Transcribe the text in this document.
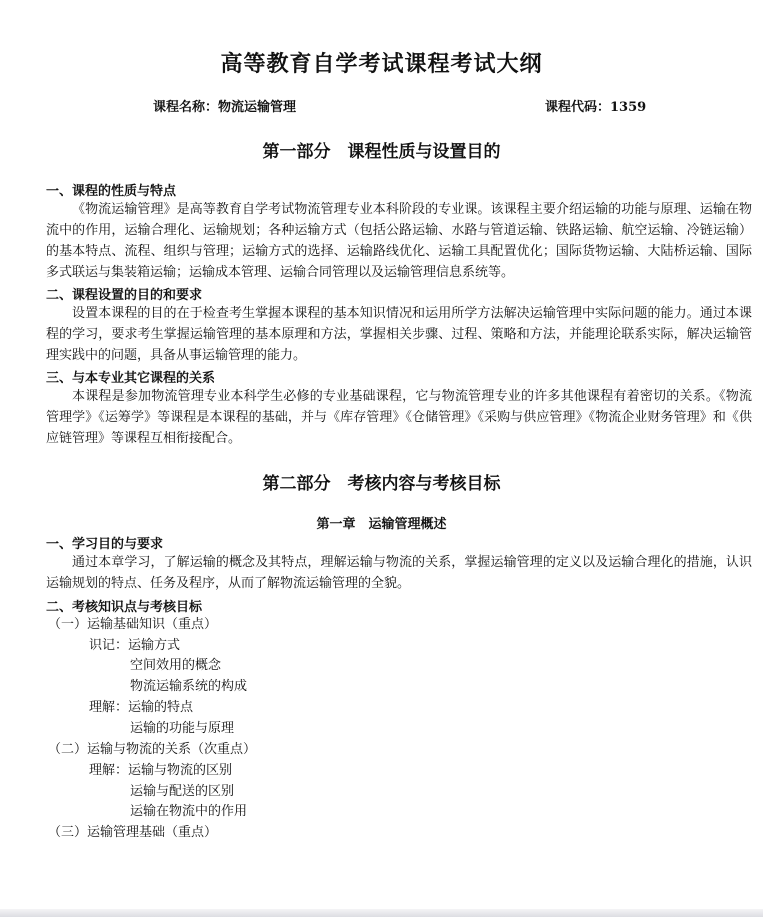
高等教育自学考试课程考试大纲
课程名称：物流运输管理	课程代码：1359
第一部分　课程性质与设置目的
一、课程的性质与特点
《物流运输管理》是高等教育自学考试物流管理专业本科阶段的专业课。该课程主要介绍运输的功能与原理、运输在物流中的作用，运输合理化、运输规划；各种运输方式（包括公路运输、水路与管道运输、铁路运输、航空运输、冷链运输）的基本特点、流程、组织与管理；运输方式的选择、运输路线优化、运输工具配置优化；国际货物运输、大陆桥运输、国际多式联运与集装箱运输；运输成本管理、运输合同管理以及运输管理信息系统等。
二、课程设置的目的和要求
设置本课程的目的在于检查考生掌握本课程的基本知识情况和运用所学方法解决运输管理中实际问题的能力。通过本课程的学习，要求考生掌握运输管理的基本原理和方法，掌握相关步骤、过程、策略和方法，并能理论联系实际，解决运输管理实践中的问题，具备从事运输管理的能力。
三、与本专业其它课程的关系
本课程是参加物流管理专业本科学生必修的专业基础课程，它与物流管理专业的许多其他课程有着密切的关系。《物流管理学》《运筹学》等课程是本课程的基础，并与《库存管理》《仓储管理》《采购与供应管理》《物流企业财务管理》和《供应链管理》等课程互相衔接配合。
第二部分　考核内容与考核目标
第一章　运输管理概述
一、学习目的与要求
通过本章学习，了解运输的概念及其特点，理解运输与物流的关系，掌握运输管理的定义以及运输合理化的措施，认识运输规划的特点、任务及程序，从而了解物流运输管理的全貌。
二、考核知识点与考核目标
（一）运输基础知识（重点）
识记：运输方式
空间效用的概念
物流运输系统的构成
理解：运输的特点
运输的功能与原理
（二）运输与物流的关系（次重点）
理解：运输与物流的区别
运输与配送的区别
运输在物流中的作用
（三）运输管理基础（重点）
